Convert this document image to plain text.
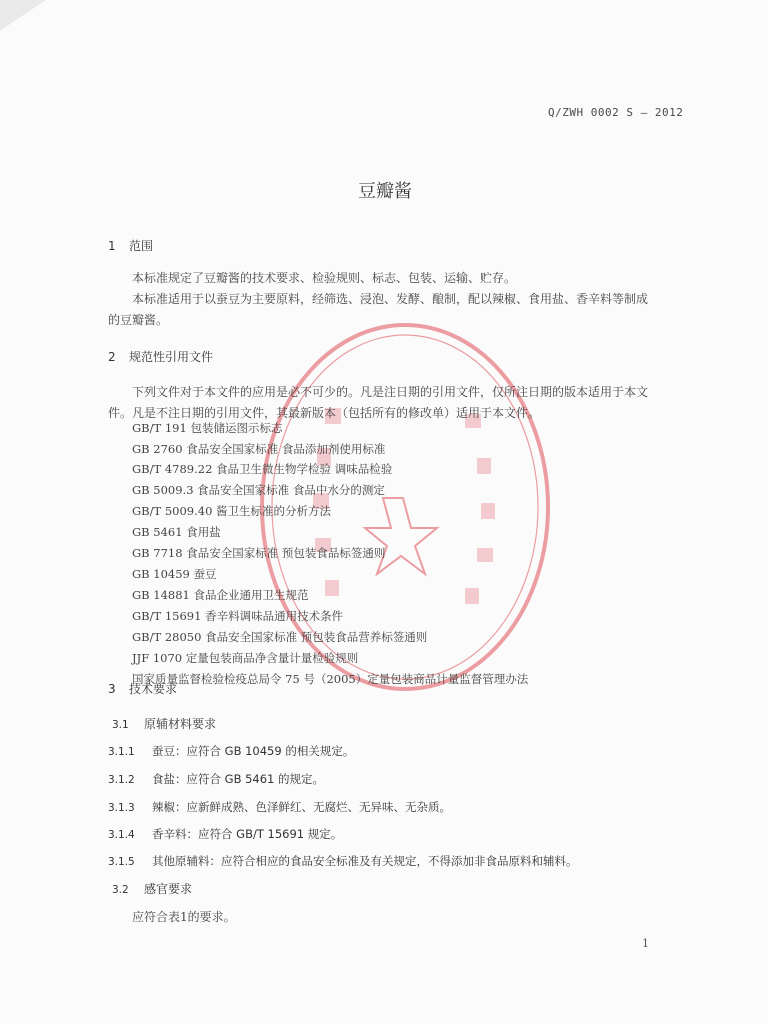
Q/ZWH 0002 S — 2012
豆瓣酱
1 范围
本标准规定了豆瓣酱的技术要求、检验规则、标志、包装、运输、贮存。
本标准适用于以蚕豆为主要原料，经筛选、浸泡、发酵、酿制，配以辣椒、食用盐、香辛料等制成
的豆瓣酱。
2 规范性引用文件
下列文件对于本文件的应用是必不可少的。凡是注日期的引用文件，仅所注日期的版本适用于本文
件。凡是不注日期的引用文件，其最新版本（包括所有的修改单）适用于本文件。
GB/T 191 包装储运图示标志
GB 2760 食品安全国家标准 食品添加剂使用标准
GB/T 4789.22 食品卫生微生物学检验 调味品检验
GB 5009.3 食品安全国家标准 食品中水分的测定
GB/T 5009.40 酱卫生标准的分析方法
GB 5461 食用盐
GB 7718 食品安全国家标准 预包装食品标签通则
GB 10459 蚕豆
GB 14881 食品企业通用卫生规范
GB/T 15691 香辛料调味品通用技术条件
GB/T 28050 食品安全国家标准 预包装食品营养标签通则
JJF 1070 定量包装商品净含量计量检验规则
国家质量监督检验检疫总局令 75 号（2005）定量包装商品计量监督管理办法
3 技术要求
3.1 原辅材料要求
3.1.1 蚕豆：应符合 GB 10459 的相关规定。
3.1.2 食盐：应符合 GB 5461 的规定。
3.1.3 辣椒：应新鲜成熟、色泽鲜红、无腐烂、无异味、无杂质。
3.1.4 香辛料：应符合 GB/T 15691 规定。
3.1.5 其他原辅料：应符合相应的食品安全标准及有关规定，不得添加非食品原料和辅料。
3.2 感官要求
应符合表1的要求。
1
